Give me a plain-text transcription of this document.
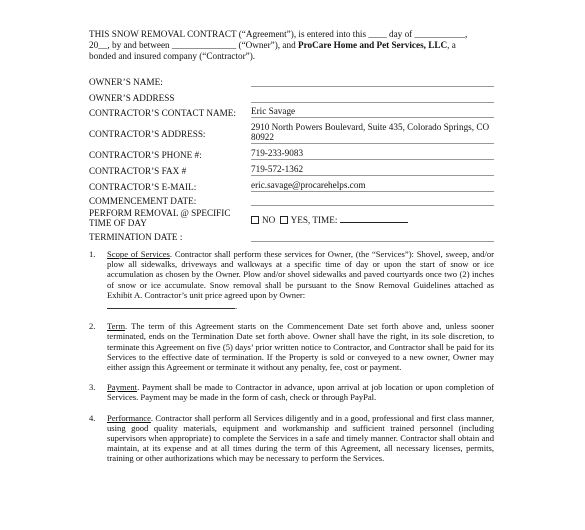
THIS SNOW REMOVAL CONTRACT (“Agreement”), is entered into this ____ day of ___________,
20__, by and between ______________ (“Owner”), and ProCare Home and Pet Services, LLC, a
bonded and insured company (“Contractor”).
OWNER’S NAME:
OWNER’S ADDRESS
CONTRACTOR’S CONTACT NAME:	Eric Savage
CONTRACTOR’S ADDRESS:
2910 North Powers Boulevard, Suite 435, Colorado Springs, CO 80922
CONTRACTOR’S PHONE #:	719-233-9083
CONTRACTOR’S FAX #	719-572-1362
CONTRACTOR’S E-MAIL:	eric.savage@procarehelps.com
COMMENCEMENT DATE:
PERFORM REMOVAL @ SPECIFIC TIME OF DAY	NO YES, TIME:
TERMINATION DATE :
1.	Scope of Services. Contractor shall perform these services for Owner, (the “Services”): Shovel, sweep, and/or plow all sidewalks, driveways and walkways at a specific time of day or upon the start of snow or ice accumulation as chosen by the Owner. Plow and/or shovel sidewalks and paved courtyards once two (2) inches of snow or ice accumulate. Snow removal shall be pursuant to the Snow Removal Guidelines attached as Exhibit A. Contractor’s unit price agreed upon by Owner:
.
2.	Term. The term of this Agreement starts on the Commencement Date set forth above and, unless sooner terminated, ends on the Termination Date set forth above. Owner shall have the right, in its sole discretion, to terminate this Agreement on five (5) days’ prior written notice to Contractor, and Contractor shall be paid for its Services to the effective date of termination. If the Property is sold or conveyed to a new owner, Owner may either assign this Agreement or terminate it without any penalty, fee, cost or payment.
3.	Payment. Payment shall be made to Contractor in advance, upon arrival at job location or upon completion of Services. Payment may be made in the form of cash, check or through PayPal.
4.	Performance. Contractor shall perform all Services diligently and in a good, professional and first class manner, using good quality materials, equipment and workmanship and sufficient trained personnel (including supervisors when appropriate) to complete the Services in a safe and timely manner. Contractor shall obtain and maintain, at its expense and at all times during the term of this Agreement, all necessary licenses, permits, training or other authorizations which may be necessary to perform the Services.
